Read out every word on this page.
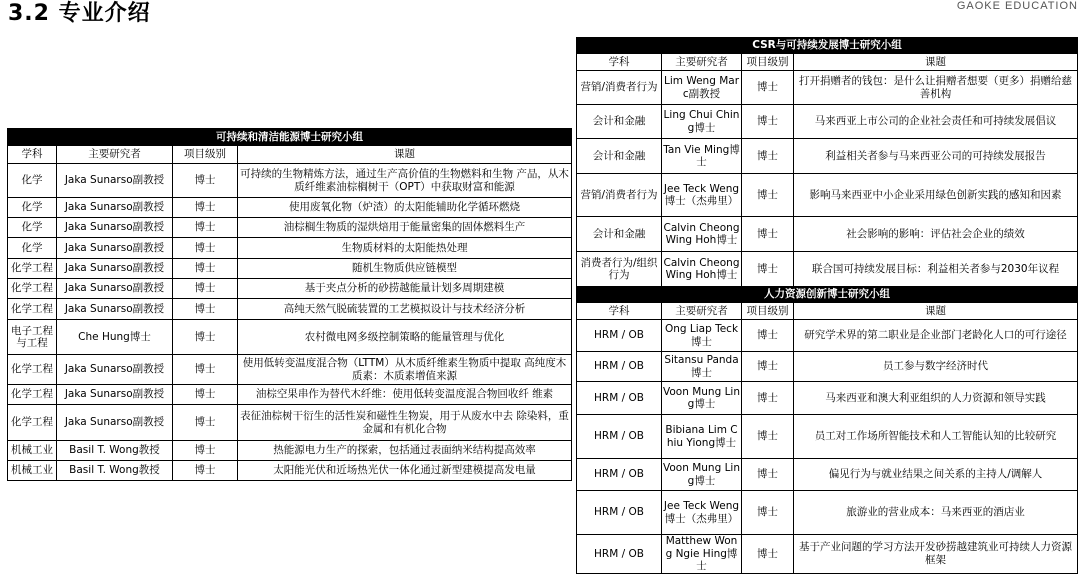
3.2 专业介绍	GAOKE EDUCATION
可持续和清洁能源博士研究小组			
学科	主要研究者	项目级别	课题
化学	Jaka Sunarso副教授	博士	可持续的生物精炼方法，通过生产高价值的生物燃料和生物 产品，从木质纤维素油棕榈树干（OPT）中获取财富和能源
化学	Jaka Sunarso副教授	博士	使用废氧化物（炉渣）的太阳能辅助化学循环燃烧
化学	Jaka Sunarso副教授	博士	油棕榈生物质的湿烘焙用于能量密集的固体燃料生产
化学	Jaka Sunarso副教授	博士	生物质材料的太阳能热处理
化学工程	Jaka Sunarso副教授	博士	随机生物质供应链模型
化学工程	Jaka Sunarso副教授	博士	基于夹点分析的砂捞越能量计划多周期建模
化学工程	Jaka Sunarso副教授	博士	高纯天然气脱硫装置的工艺模拟设计与技术经济分析
电子工程与工程	Che Hung博士	博士	农村微电网多级控制策略的能量管理与优化
化学工程	Jaka Sunarso副教授	博士	使用低转变温度混合物（LTTM）从木质纤维素生物质中提取 高纯度木质素：木质素增值来源
化学工程	Jaka Sunarso副教授	博士	油棕空果串作为替代木纤维：使用低转变温度混合物回收纤 维素
化学工程	Jaka Sunarso副教授	博士	表征油棕树干衍生的活性炭和磁性生物炭，用于从废水中去 除染料，重金属和有机化合物
机械工业	Basil T. Wong教授	博士	热能源电力生产的探索，包括通过表面纳米结构提高效率
机械工业	Basil T. Wong教授	博士	太阳能光伏和近场热光伏一体化通过新型建模提高发电量
CSR与可持续发展博士研究小组			
学科	主要研究者	项目级别	课题
营销/消费者行为	Lim Weng Marc副教授	博士	打开捐赠者的钱包：是什么让捐赠者想要（更多）捐赠给慈善机构
会计和金融	Ling Chui Ching博士	博士	马来西亚上市公司的企业社会责任和可持续发展倡议
会计和金融	Tan Vie Ming博士	博士	利益相关者参与马来西亚公司的可持续发展报告
营销/消费者行为	Jee Teck Weng博士（杰弗里）	博士	影响马来西亚中小企业采用绿色创新实践的感知和因素
会计和金融	Calvin Cheong Wing Hoh博士	博士	社会影响的影响：评估社会企业的绩效
消费者行为/组织行为	Calvin Cheong Wing Hoh博士	博士	联合国可持续发展目标：利益相关者参与2030年议程
人力资源创新博士研究小组			
学科	主要研究者	项目级别	课题
HRM / OB	Ong Liap Teck博士	博士	研究学术界的第二职业是企业部门老龄化人口的可行途径
HRM / OB	Sitansu Panda博士	博士	员工参与数字经济时代
HRM / OB	Voon Mung Ling博士	博士	马来西亚和澳大利亚组织的人力资源和领导实践
HRM / OB	Bibiana Lim Chiu Yiong博士	博士	员工对工作场所智能技术和人工智能认知的比较研究
HRM / OB	Voon Mung Ling博士	博士	偏见行为与就业结果之间关系的主持人/调解人
HRM / OB	Jee Teck Weng博士（杰弗里）	博士	旅游业的营业成本：马来西亚的酒店业
HRM / OB	Matthew Wong Ngie Hing博士	博士	基于产业问题的学习方法开发砂捞越建筑业可持续人力资源框架
